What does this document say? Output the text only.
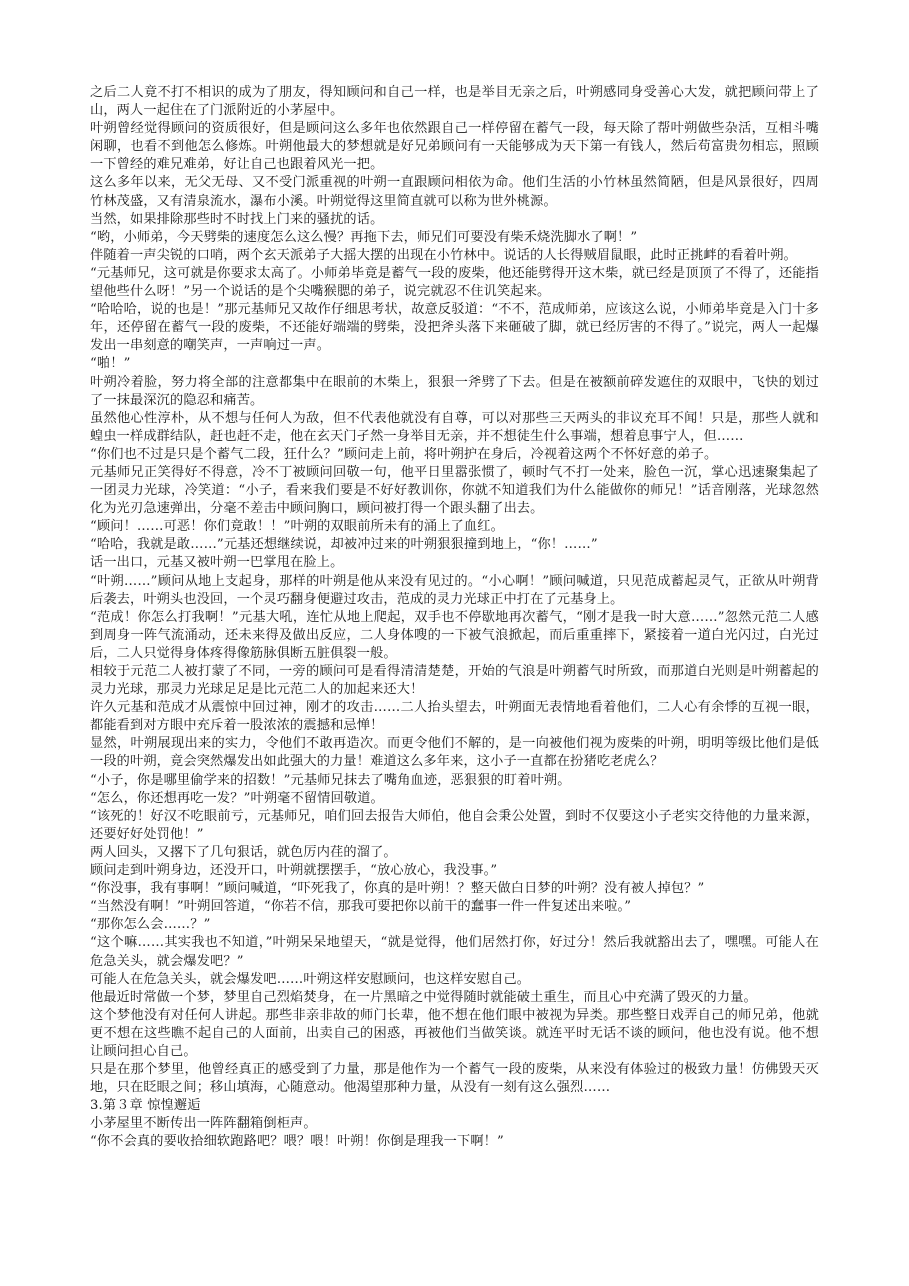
之后二人竟不打不相识的成为了朋友，得知顾问和自己一样，也是举目无亲之后，叶朔感同身受善心大发，就把顾问带上了山，两人一起住在了门派附近的小茅屋中。

叶朔曾经觉得顾问的资质很好，但是顾问这么多年也依然跟自己一样停留在蓄气一段，每天除了帮叶朔做些杂活，互相斗嘴闲聊，也看不到他怎么修炼。叶朔他最大的梦想就是好兄弟顾问有一天能够成为天下第一有钱人，然后苟富贵勿相忘，照顾一下曾经的难兄难弟，好让自己也跟着风光一把。

这么多年以来，无父无母、又不受门派重视的叶朔一直跟顾问相依为命。他们生活的小竹林虽然简陋，但是风景很好，四周竹林茂盛，又有清泉流水，瀑布小溪。叶朔觉得这里简直就可以称为世外桃源。

当然，如果排除那些时不时找上门来的骚扰的话。

“哟，小师弟，今天劈柴的速度怎么这么慢？再拖下去，师兄们可要没有柴禾烧洗脚水了啊！”

伴随着一声尖锐的口哨，两个玄天派弟子大摇大摆的出现在小竹林中。说话的人长得贼眉鼠眼，此时正挑衅的看着叶朔。

“元基师兄，这可就是你要求太高了。小师弟毕竟是蓄气一段的废柴，他还能劈得开这木柴，就已经是顶顶了不得了，还能指望他些什么呀！”另一个说话的是个尖嘴猴腮的弟子，说完就忍不住讥笑起来。

“哈哈哈，说的也是！”那元基师兄又故作仔细思考状，故意反驳道：“不不，范成师弟，应该这么说，小师弟毕竟是入门十多年，还停留在蓄气一段的废柴，不还能好端端的劈柴，没把斧头落下来砸破了脚，就已经厉害的不得了。”说完，两人一起爆发出一串刻意的嘲笑声，一声响过一声。

“啪！”

叶朔冷着脸，努力将全部的注意都集中在眼前的木柴上，狠狠一斧劈了下去。但是在被额前碎发遮住的双眼中，飞快的划过了一抹最深沉的隐忍和痛苦。

虽然他心性淳朴，从不想与任何人为敌，但不代表他就没有自尊，可以对那些三天两头的非议充耳不闻！只是，那些人就和蝗虫一样成群结队，赶也赶不走，他在玄天门孑然一身举目无亲，并不想徒生什么事端，想着息事宁人，但……

“你们也不过是只是个蓄气二段，狂什么？”顾问走上前，将叶朔护在身后，冷视着这两个不怀好意的弟子。

元基师兄正笑得好不得意，冷不丁被顾问回敬一句，他平日里嚣张惯了，顿时气不打一处来，脸色一沉，掌心迅速聚集起了一团灵力光球，冷笑道：“小子，看来我们要是不好好教训你，你就不知道我们为什么能做你的师兄！”话音刚落，光球忽然化为光刃急速弹出，分毫不差击中顾问胸口，顾问被打得一个跟头翻了出去。

“顾问！……可恶！你们竟敢！！”叶朔的双眼前所未有的涌上了血红。

“哈哈，我就是敢……”元基还想继续说，却被冲过来的叶朔狠狠撞到地上，“你！……”

话一出口，元基又被叶朔一巴掌甩在脸上。

“叶朔……”顾问从地上支起身，那样的叶朔是他从来没有见过的。“小心啊！”顾问喊道，只见范成蓄起灵气，正欲从叶朔背后袭去，叶朔头也没回，一个灵巧翻身便避过攻击，范成的灵力光球正中打在了元基身上。

“范成！你怎么打我啊！”元基大吼，连忙从地上爬起，双手也不停歇地再次蓄气，“刚才是我一时大意……”忽然元范二人感到周身一阵气流涌动，还未来得及做出反应，二人身体嗖的一下被气浪掀起，而后重重摔下，紧接着一道白光闪过，白光过后，二人只觉得身体疼得像筋脉俱断五脏俱裂一般。

相较于元范二人被打蒙了不同，一旁的顾问可是看得清清楚楚，开始的气浪是叶朔蓄气时所致，而那道白光则是叶朔蓄起的灵力光球，那灵力光球足足是比元范二人的加起来还大！

许久元基和范成才从震惊中回过神，刚才的攻击……二人抬头望去，叶朔面无表情地看着他们，二人心有余悸的互视一眼，都能看到对方眼中充斥着一股浓浓的震撼和忌惮！

显然，叶朔展现出来的实力，令他们不敢再造次。而更令他们不解的，是一向被他们视为废柴的叶朔，明明等级比他们是低一段的叶朔，竟会突然爆发出如此强大的力量！难道这么多年来，这小子一直都在扮猪吃老虎么？

“小子，你是哪里偷学来的招数！”元基师兄抹去了嘴角血迹，恶狠狠的盯着叶朔。

“怎么，你还想再吃一发？”叶朔毫不留情回敬道。

“该死的！好汉不吃眼前亏，元基师兄，咱们回去报告大师伯，他自会秉公处置，到时不仅要这小子老实交待他的力量来源，还要好好处罚他！”

两人回头，又撂下了几句狠话，就色厉内荏的溜了。

顾问走到叶朔身边，还没开口，叶朔就摆摆手，“放心放心，我没事。”

“你没事，我有事啊！”顾问喊道，“吓死我了，你真的是叶朔！？整天做白日梦的叶朔？没有被人掉包？”

“当然没有啊！”叶朔回答道，“你若不信，那我可要把你以前干的蠢事一件一件复述出来啦。”

“那你怎么会……？”

“这个嘛……其实我也不知道，”叶朔呆呆地望天，“就是觉得，他们居然打你，好过分！然后我就豁出去了，嘿嘿。可能人在危急关头，就会爆发吧？”

可能人在危急关头，就会爆发吧……叶朔这样安慰顾问，也这样安慰自己。

他最近时常做一个梦，梦里自己烈焰焚身，在一片黑暗之中觉得随时就能破土重生，而且心中充满了毁灭的力量。

这个梦他没有对任何人讲起。那些非亲非故的师门长辈，他不想在他们眼中被视为异类。那些整日戏弄自己的师兄弟，他就更不想在这些瞧不起自己的人面前，出卖自己的困惑，再被他们当做笑谈。就连平时无话不谈的顾问，他也没有说。他不想让顾问担心自己。

只是在那个梦里，他曾经真正的感受到了力量，那是他作为一个蓄气一段的废柴，从来没有体验过的极致力量！仿佛毁天灭地，只在眨眼之间；移山填海，心随意动。他渴望那种力量，从没有一刻有这么强烈……

3.第３章 惊惶邂逅

小茅屋里不断传出一阵阵翻箱倒柜声。

“你不会真的要收拾细软跑路吧？喂？喂！叶朔！你倒是理我一下啊！”
